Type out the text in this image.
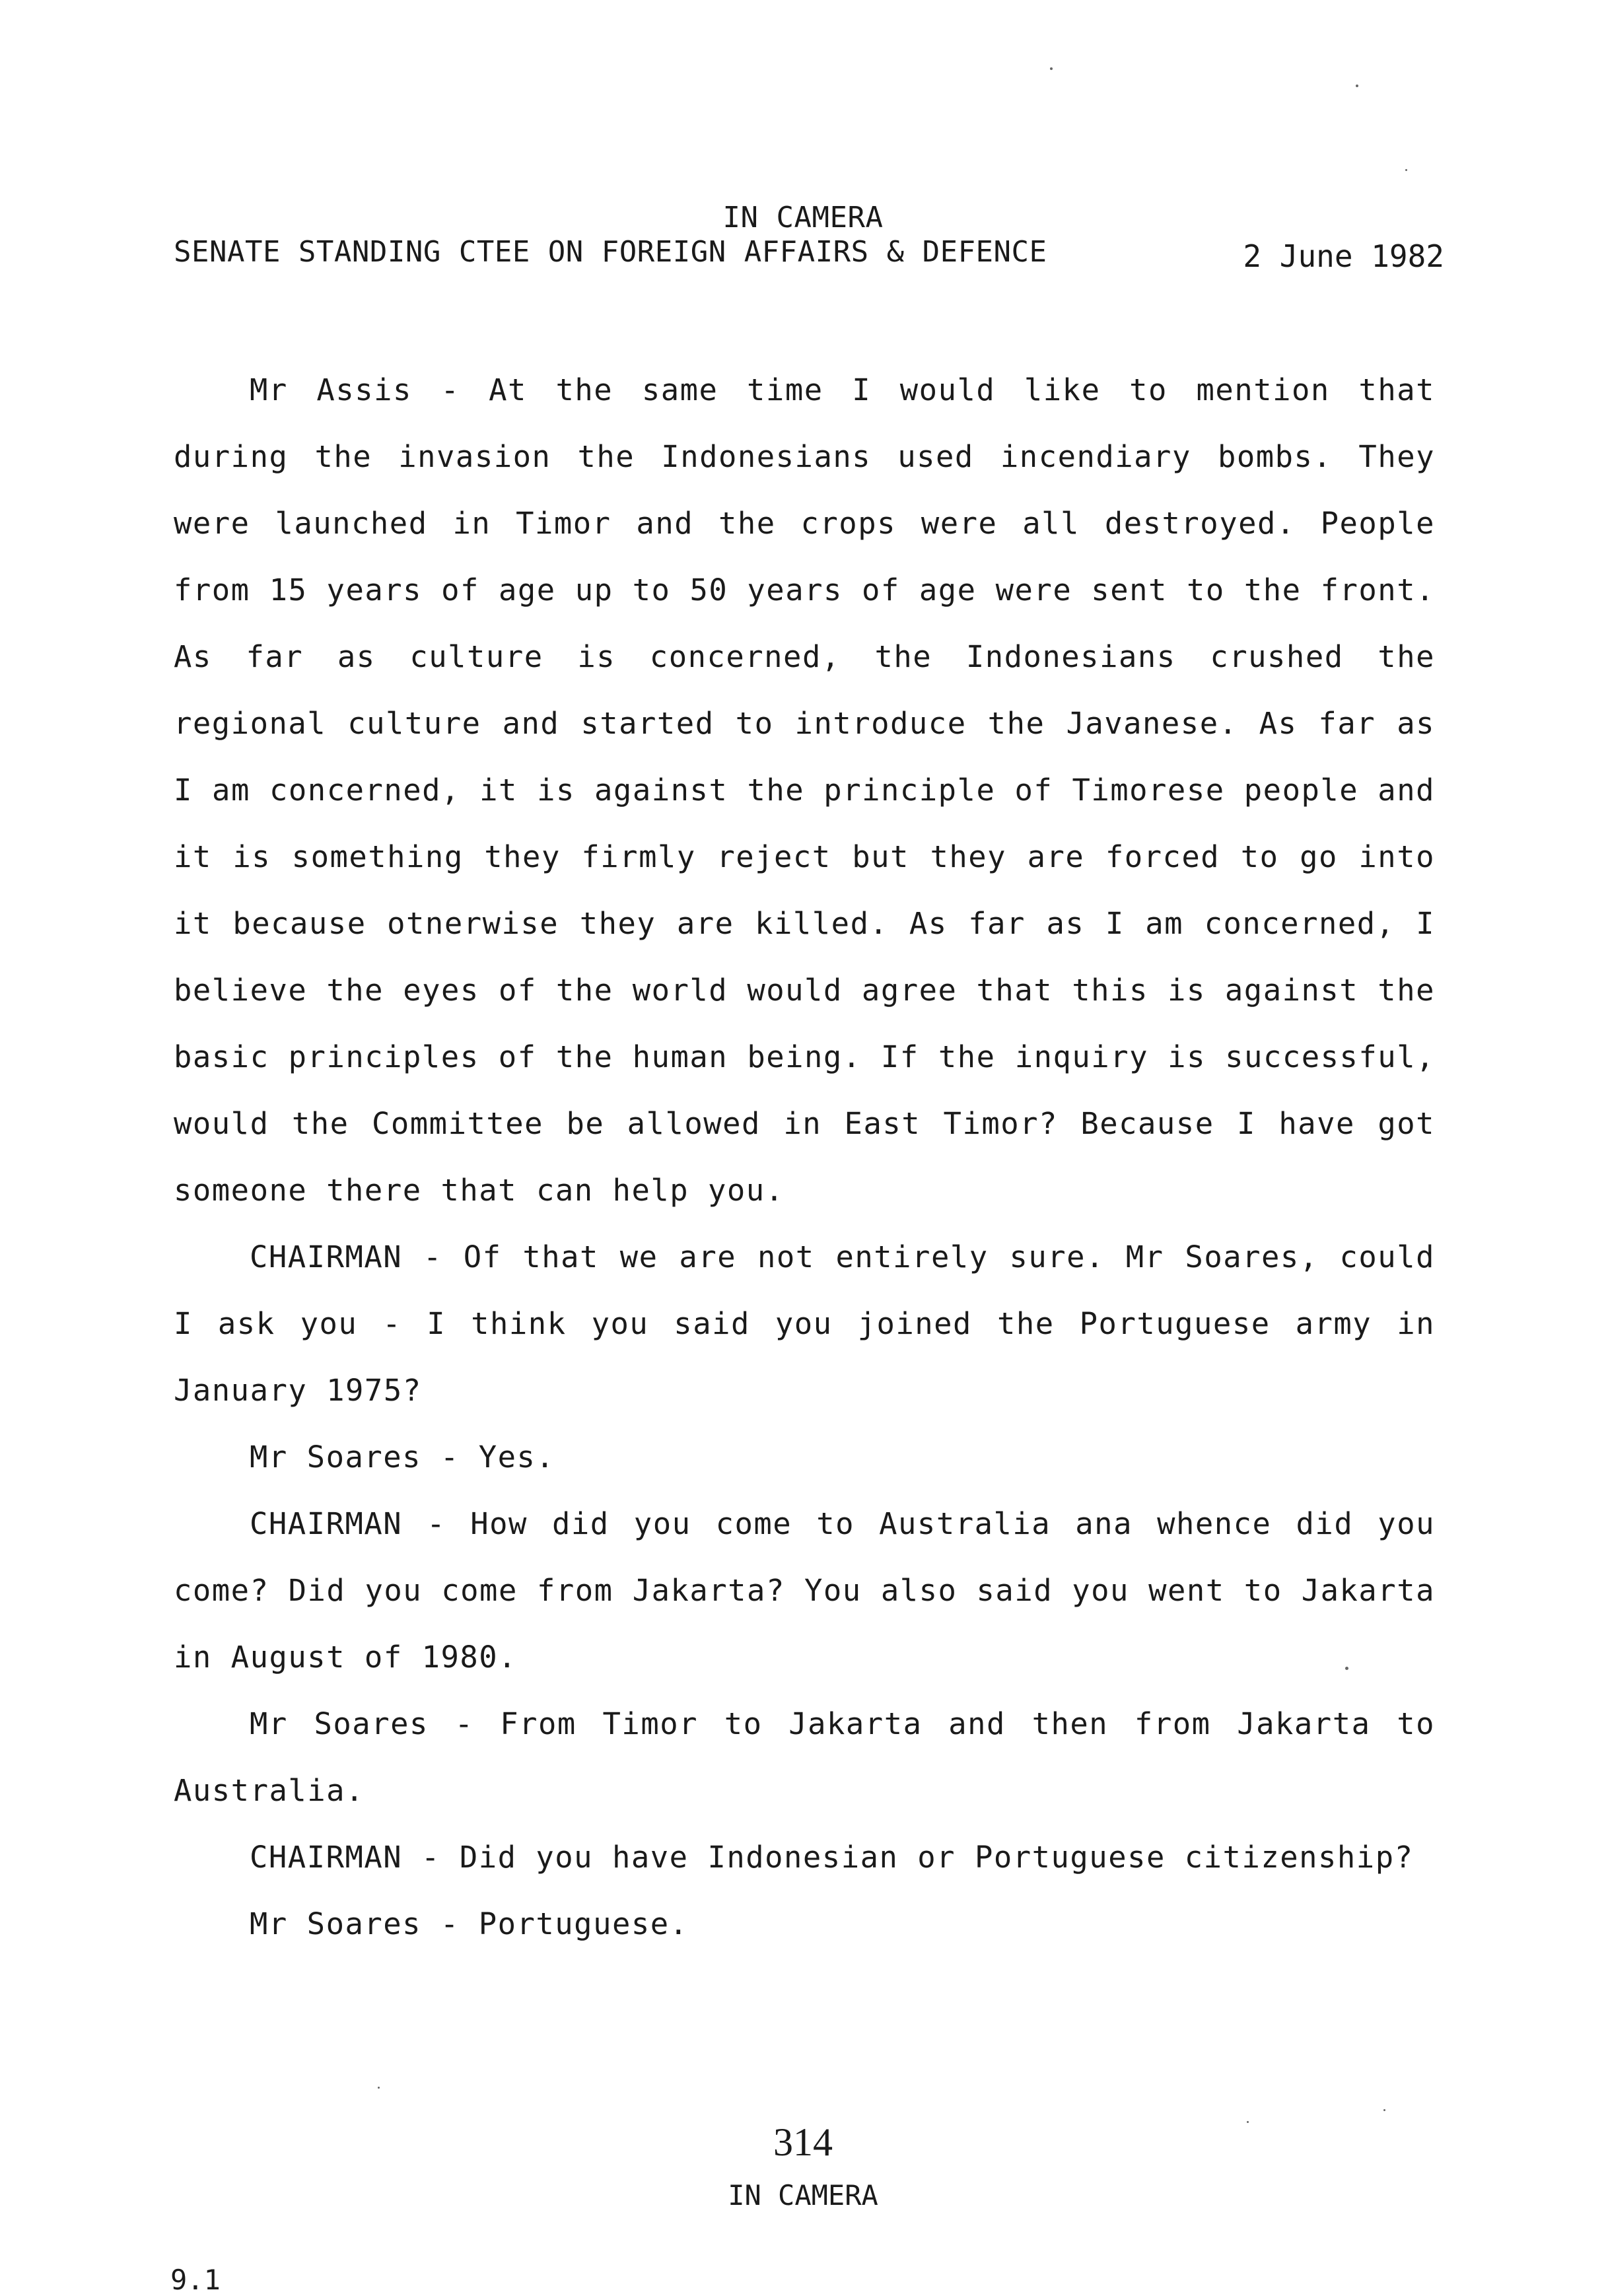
IN CAMERA
SENATE STANDING CTEE ON FOREIGN AFFAIRS & DEFENCE	2 June 1982

Mr Assis - At the same time I would like to mention that during the invasion the Indonesians used incendiary bombs. They were launched in Timor and the crops were all destroyed. People from 15 years of age up to 50 years of age were sent to the front. As far as culture is concerned, the Indonesians crushed the regional culture and started to introduce the Javanese. As far as I am concerned, it is against the principle of Timorese people and it is something they firmly reject but they are forced to go into it because otnerwise they are killed. As far as I am concerned, I believe the eyes of the world would agree that this is against the basic principles of the human being. If the inquiry is successful, would the Committee be allowed in East Timor? Because I have got someone there that can help you.

CHAIRMAN - Of that we are not entirely sure. Mr Soares, could I ask you - I think you said you joined the Portuguese army in January 1975?

Mr Soares - Yes.

CHAIRMAN - How did you come to Australia ana whence did you come? Did you come from Jakarta? You also said you went to Jakarta in August of 1980.

Mr Soares - From Timor to Jakarta and then from Jakarta to Australia.

CHAIRMAN - Did you have Indonesian or Portuguese citizenship?

Mr Soares - Portuguese.

314
IN CAMERA
9.1
